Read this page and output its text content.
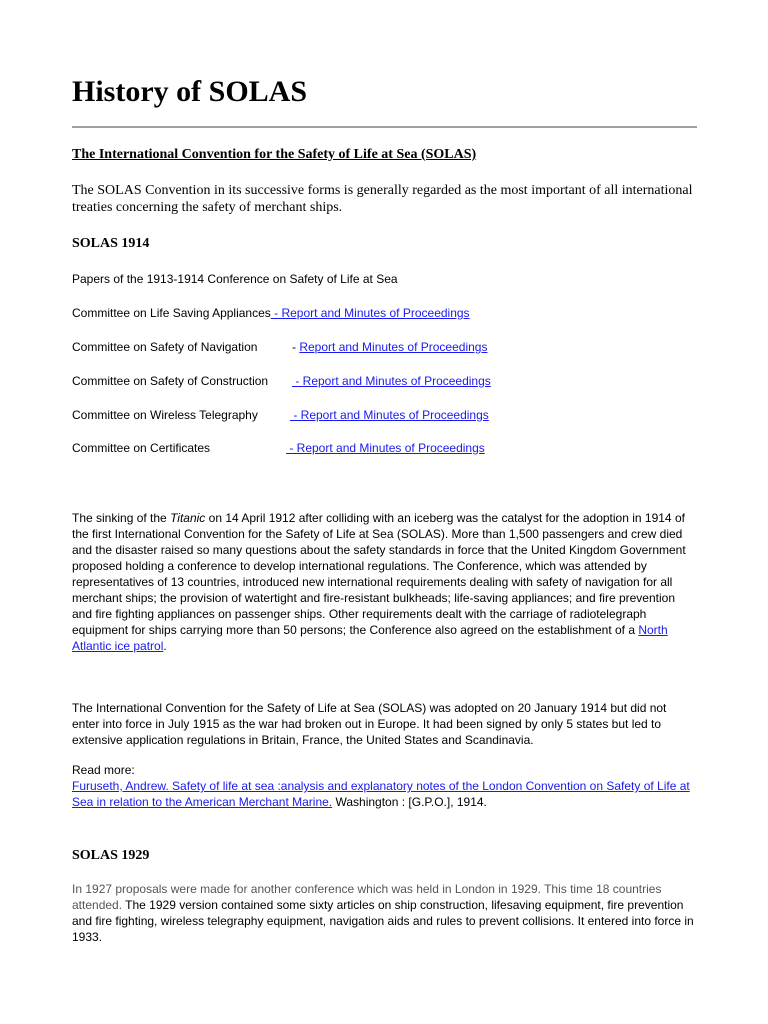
History of SOLAS

The International Convention for the Safety of Life at Sea (SOLAS)

The SOLAS Convention in its successive forms is generally regarded as the most important of all international treaties concerning the safety of merchant ships.

SOLAS 1914

Papers of the 1913-1914 Conference on Safety of Life at Sea

Committee on Life Saving Appliances - Report and Minutes of Proceedings

Committee on Safety of Navigation	- Report and Minutes of Proceedings

Committee on Safety of Construction - Report and Minutes of Proceedings

Committee on Wireless Telegraphy	- Report and Minutes of Proceedings

Committee on Certificates	- Report and Minutes of Proceedings

The sinking of the Titanic on 14 April 1912 after colliding with an iceberg was the catalyst for the adoption in 1914 of the first International Convention for the Safety of Life at Sea (SOLAS). More than 1,500 passengers and crew died and the disaster raised so many questions about the safety standards in force that the United Kingdom Government proposed holding a conference to develop international regulations. The Conference, which was attended by representatives of 13 countries, introduced new international requirements dealing with safety of navigation for all merchant ships; the provision of watertight and fire-resistant bulkheads; life-saving appliances; and fire prevention and fire fighting appliances on passenger ships. Other requirements dealt with the carriage of radiotelegraph equipment for ships carrying more than 50 persons; the Conference also agreed on the establishment of a North Atlantic ice patrol.

The International Convention for the Safety of Life at Sea (SOLAS) was adopted on 20 January 1914 but did not enter into force in July 1915 as the war had broken out in Europe. It had been signed by only 5 states but led to extensive application regulations in Britain, France, the United States and Scandinavia.

Read more:
Furuseth, Andrew. Safety of life at sea :analysis and explanatory notes of the London Convention on Safety of Life at Sea in relation to the American Merchant Marine. Washington : [G.P.O.], 1914.

SOLAS 1929

In 1927 proposals were made for another conference which was held in London in 1929. This time 18 countries attended. The 1929 version contained some sixty articles on ship construction, lifesaving equipment, fire prevention and fire fighting, wireless telegraphy equipment, navigation aids and rules to prevent collisions. It entered into force in 1933.
